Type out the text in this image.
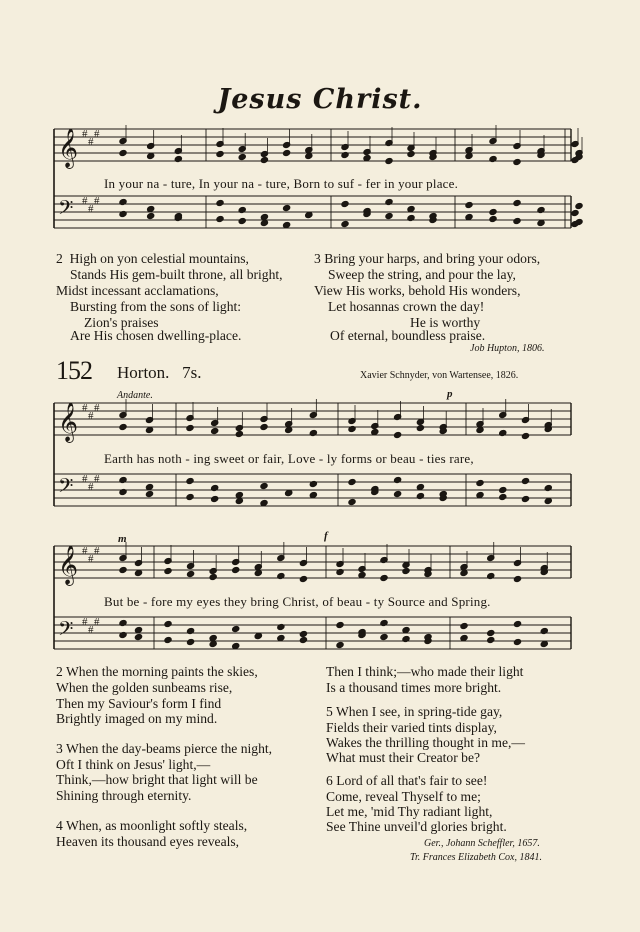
Jesus Christ.
𝄞
𝄢
#
#
#
#
#
#
𝄞
𝄢
#
#
#
#
#
#
𝄞
𝄢
#
#
#
#
#
#
In your na - ture, In your na - ture, Born to suf - fer in your place.
2 High on yon celestial mountains,
Stands His gem-built throne, all bright,
Midst incessant acclamations,
Bursting from the sons of light:
Zion's praises
Are His chosen dwelling-place.
3 Bring your harps, and bring your odors,
Sweep the string, and pour the lay,
View His works, behold His wonders,
Let hosannas crown the day!
He is worthy
Of eternal, boundless praise.
Job Hupton, 1806.
152 Horton. 7s.	Xavier Schnyder, von Wartensee, 1826.
Andante.	p
m	f
Earth has noth - ing sweet or fair, Love - ly forms or beau - ties rare,
But be - fore my eyes they bring Christ, of beau - ty Source and Spring.
2 When the morning paints the skies,
When the golden sunbeams rise,
Then my Saviour's form I find
Brightly imaged on my mind.
3 When the day-beams pierce the night,
Oft I think on Jesus' light,—
Think,—how bright that light will be
Shining through eternity.
4 When, as moonlight softly steals,
Heaven its thousand eyes reveals,
Then I think;—who made their light
Is a thousand times more bright.
5 When I see, in spring-tide gay,
Fields their varied tints display,
Wakes the thrilling thought in me,—
What must their Creator be?
6 Lord of all that's fair to see!
Come, reveal Thyself to me;
Let me, 'mid Thy radiant light,
See Thine unveil'd glories bright.
Ger., Johann Scheffler, 1657.
Tr. Frances Elizabeth Cox, 1841.
